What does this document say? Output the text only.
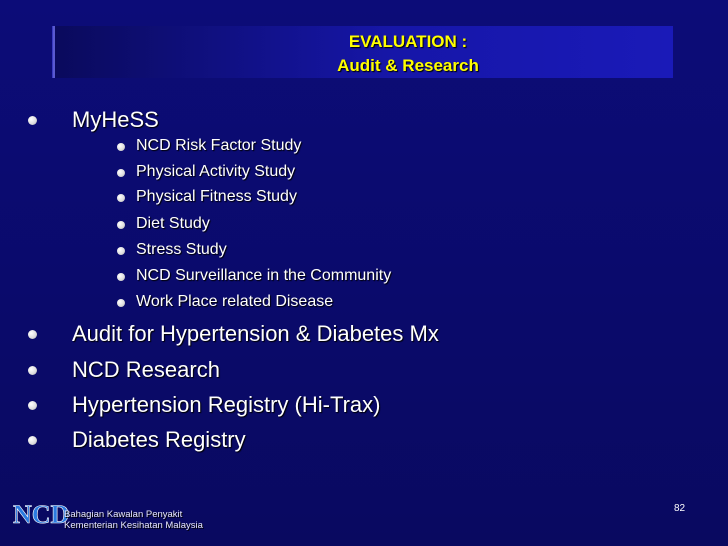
EVALUATION :
Audit & Research
MyHeSS
NCD Risk Factor Study
Physical Activity Study
Physical Fitness Study
Diet Study
Stress Study
NCD Surveillance in the Community
Work Place related Disease
Audit for Hypertension & Diabetes Mx
NCD Research
Hypertension Registry (Hi-Trax)
Diabetes Registry
NCD
Bahagian Kawalan Penyakit
Kementerian Kesihatan Malaysia
82
